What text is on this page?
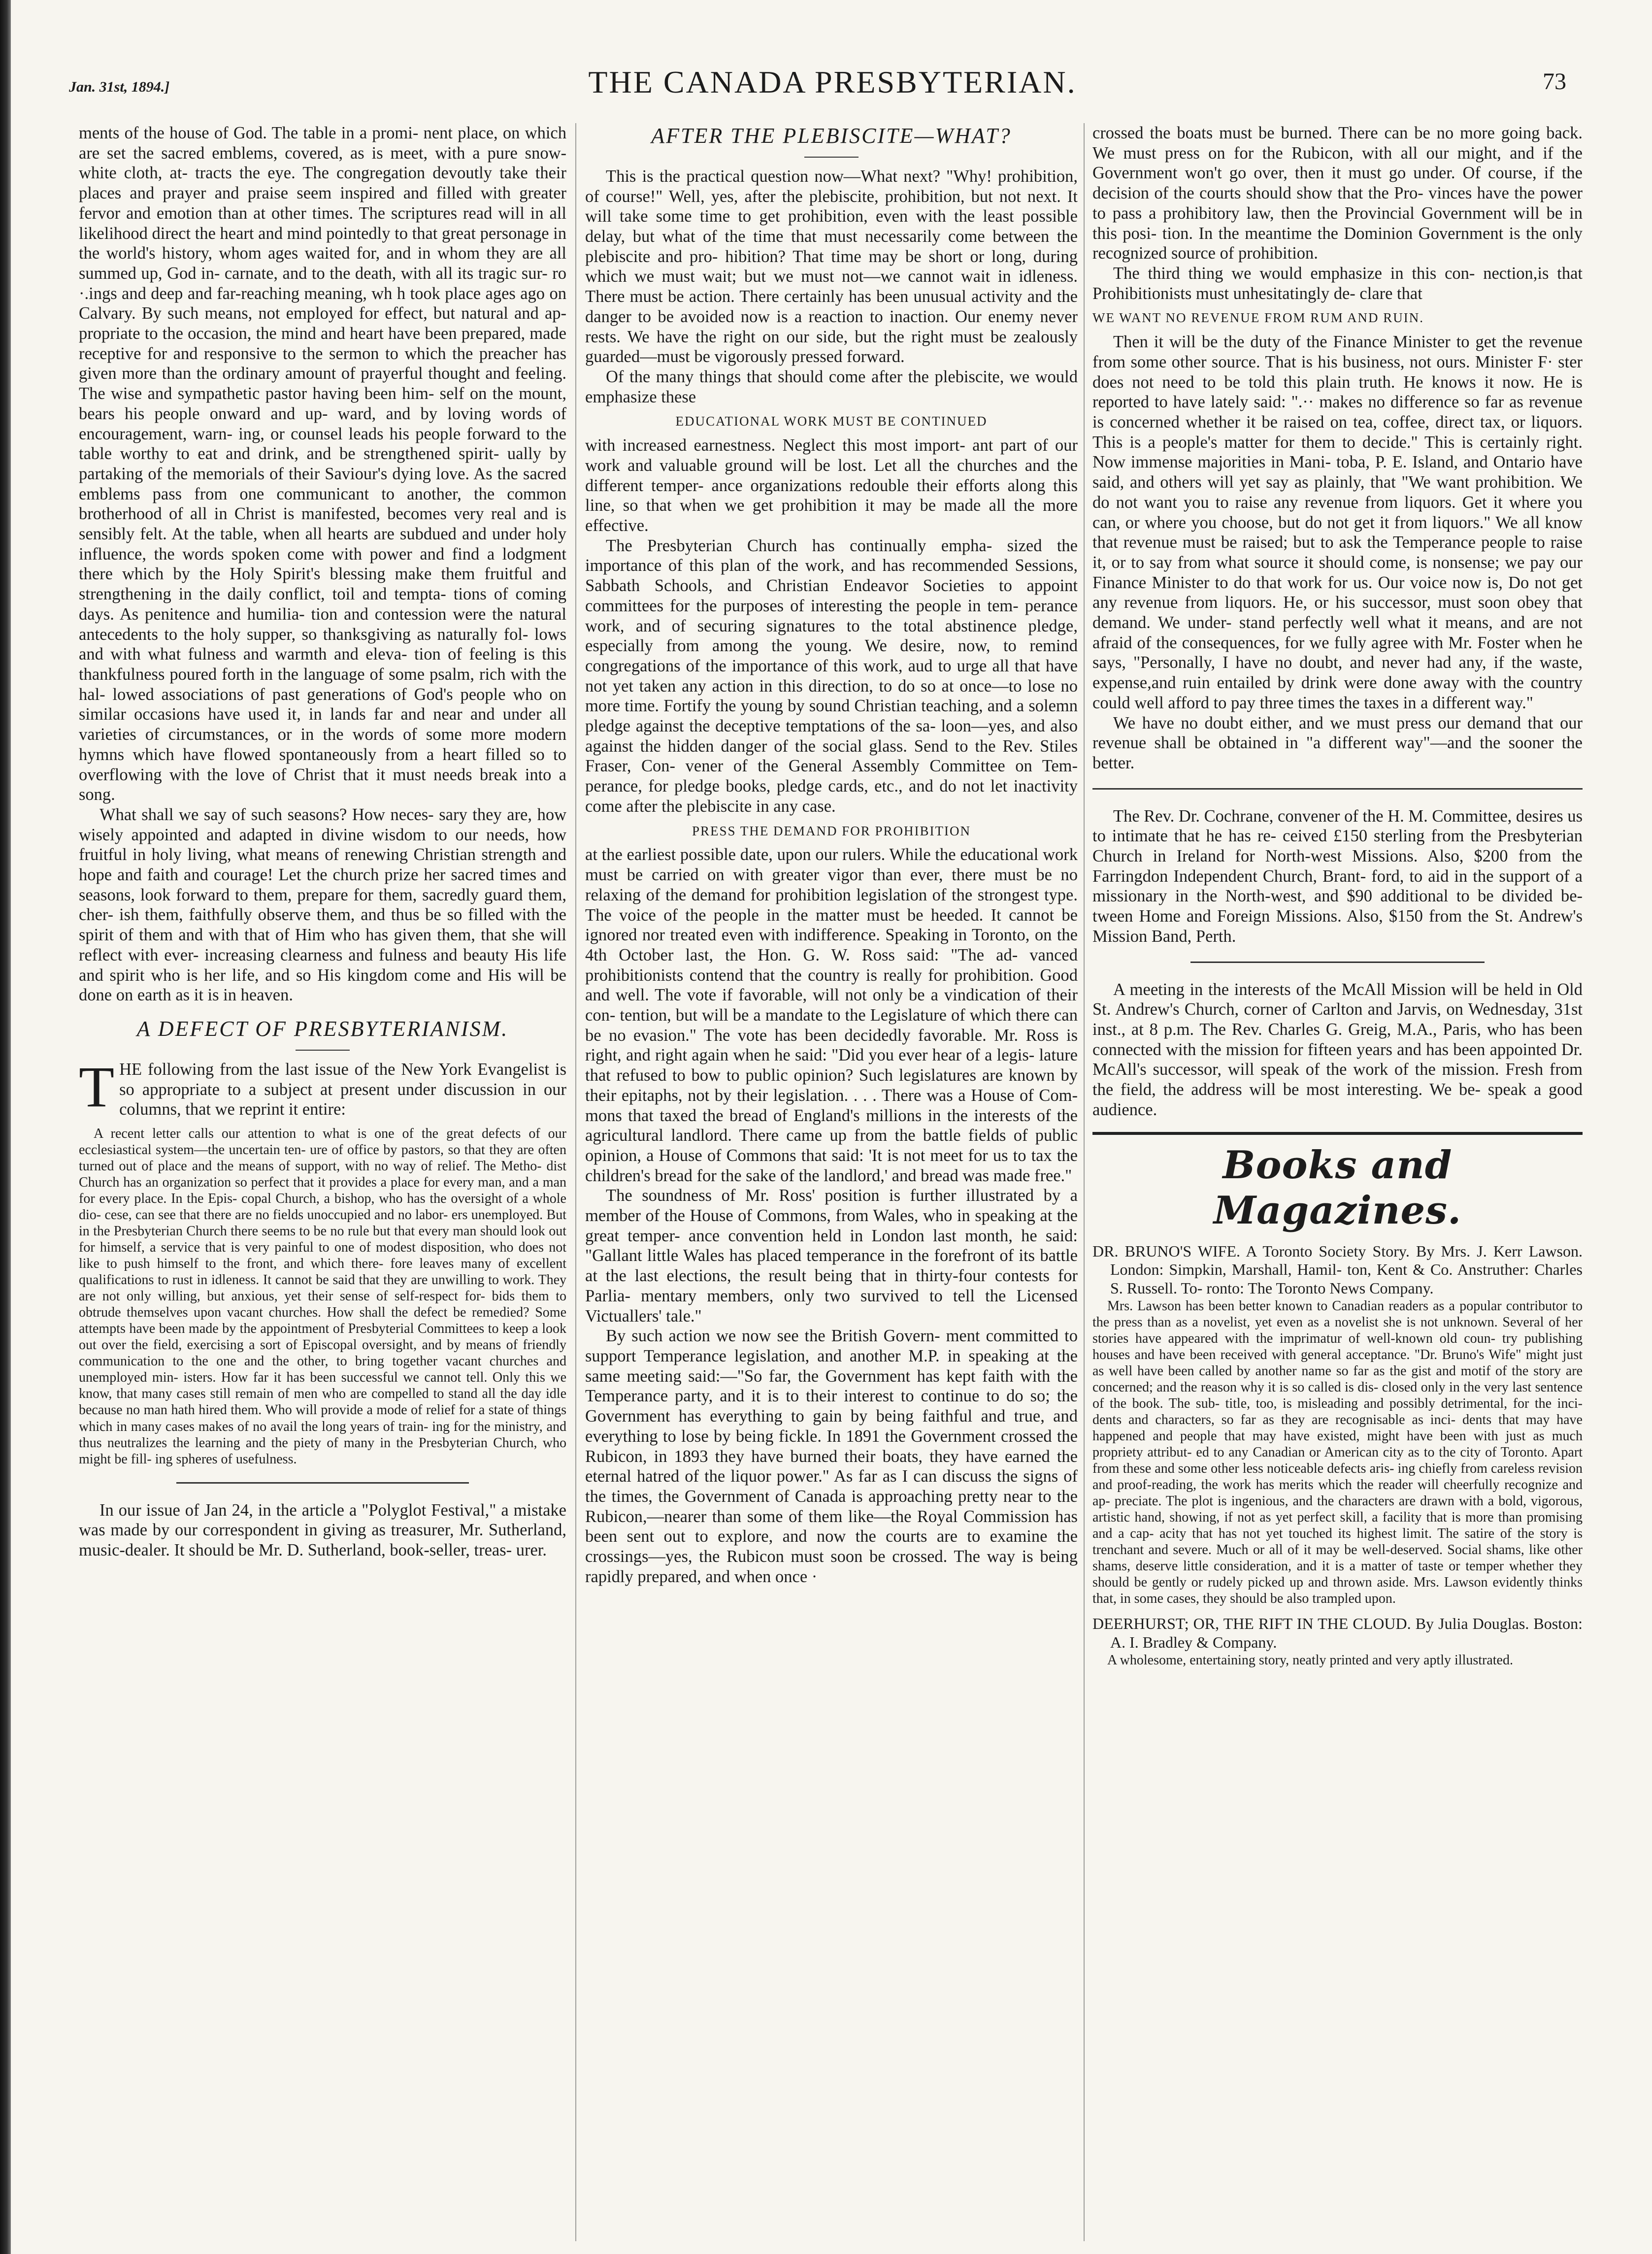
Jan. 31st, 1894.]	THE CANADA PRESBYTERIAN.	73

ments of the house of God. The table in a promi- nent place, on which are set the sacred emblems, covered, as is meet, with a pure snow-white cloth, at- tracts the eye. The congregation devoutly take their places and prayer and praise seem inspired and filled with greater fervor and emotion than at other times. The scriptures read will in all likelihood direct the heart and mind pointedly to that great personage in the world's history, whom ages waited for, and in whom they are all summed up, God in- carnate, and to the death, with all its tragic sur- ro ·.ings and deep and far-reaching meaning, wh h took place ages ago on Calvary. By such means, not employed for effect, but natural and ap- propriate to the occasion, the mind and heart have been prepared, made receptive for and responsive to the sermon to which the preacher has given more than the ordinary amount of prayerful thought and feeling. The wise and sympathetic pastor having been him- self on the mount, bears his people onward and up- ward, and by loving words of encouragement, warn- ing, or counsel leads his people forward to the table worthy to eat and drink, and be strengthened spirit- ually by partaking of the memorials of their Saviour's dying love. As the sacred emblems pass from one communicant to another, the common brotherhood of all in Christ is manifested, becomes very real and is sensibly felt. At the table, when all hearts are subdued and under holy influence, the words spoken come with power and find a lodgment there which by the Holy Spirit's blessing make them fruitful and strengthening in the daily conflict, toil and tempta- tions of coming days. As penitence and humilia- tion and contession were the natural antecedents to the holy supper, so thanksgiving as naturally fol- lows and with what fulness and warmth and eleva- tion of feeling is this thankfulness poured forth in the language of some psalm, rich with the hal- lowed associations of past generations of God's people who on similar occasions have used it, in lands far and near and under all varieties of circumstances, or in the words of some more modern hymns which have flowed spontaneously from a heart filled so to overflowing with the love of Christ that it must needs break into a song.

What shall we say of such seasons? How neces- sary they are, how wisely appointed and adapted in divine wisdom to our needs, how fruitful in holy living, what means of renewing Christian strength and hope and faith and courage! Let the church prize her sacred times and seasons, look forward to them, prepare for them, sacredly guard them, cher- ish them, faithfully observe them, and thus be so filled with the spirit of them and with that of Him who has given them, that she will reflect with ever- increasing clearness and fulness and beauty His life and spirit who is her life, and so His kingdom come and His will be done on earth as it is in heaven.

A DEFECT OF PRESBYTERIANISM.

THE following from the last issue of the New York Evangelist is so appropriate to a subject at present under discussion in our columns, that we reprint it entire:

A recent letter calls our attention to what is one of the great defects of our ecclesiastical system—the uncertain ten- ure of office by pastors, so that they are often turned out of place and the means of support, with no way of relief. The Metho- dist Church has an organization so perfect that it provides a place for every man, and a man for every place. In the Epis- copal Church, a bishop, who has the oversight of a whole dio- cese, can see that there are no fields unoccupied and no labor- ers unemployed. But in the Presbyterian Church there seems to be no rule but that every man should look out for himself, a service that is very painful to one of modest disposition, who does not like to push himself to the front, and which there- fore leaves many of excellent qualifications to rust in idleness. It cannot be said that they are unwilling to work. They are not only willing, but anxious, yet their sense of self-respect for- bids them to obtrude themselves upon vacant churches. How shall the defect be remedied? Some attempts have been made by the appointment of Presbyterial Committees to keep a look out over the field, exercising a sort of Episcopal oversight, and by means of friendly communication to the one and the other, to bring together vacant churches and unemployed min- isters. How far it has been successful we cannot tell. Only this we know, that many cases still remain of men who are compelled to stand all the day idle because no man hath hired them. Who will provide a mode of relief for a state of things which in many cases makes of no avail the long years of train- ing for the ministry, and thus neutralizes the learning and the piety of many in the Presbyterian Church, who might be fill- ing spheres of usefulness.

In our issue of Jan 24, in the article a "Polyglot Festival," a mistake was made by our correspondent in giving as treasurer, Mr. Sutherland, music-dealer. It should be Mr. D. Sutherland, book-seller, treas- urer.

AFTER THE PLEBISCITE—WHAT?

This is the practical question now—What next? "Why! prohibition, of course!" Well, yes, after the plebiscite, prohibition, but not next. It will take some time to get prohibition, even with the least possible delay, but what of the time that must necessarily come between the plebiscite and pro- hibition? That time may be short or long, during which we must wait; but we must not—we cannot wait in idleness. There must be action. There certainly has been unusual activity and the danger to be avoided now is a reaction to inaction. Our enemy never rests. We have the right on our side, but the right must be zealously guarded—must be vigorously pressed forward.

Of the many things that should come after the plebiscite, we would emphasize these

EDUCATIONAL WORK MUST BE CONTINUED

with increased earnestness. Neglect this most import- ant part of our work and valuable ground will be lost. Let all the churches and the different temper- ance organizations redouble their efforts along this line, so that when we get prohibition it may be made all the more effective.

The Presbyterian Church has continually empha- sized the importance of this plan of the work, and has recommended Sessions, Sabbath Schools, and Christian Endeavor Societies to appoint committees for the purposes of interesting the people in tem- perance work, and of securing signatures to the total abstinence pledge, especially from among the young. We desire, now, to remind congregations of the importance of this work, aud to urge all that have not yet taken any action in this direction, to do so at once—to lose no more time. Fortify the young by sound Christian teaching, and a solemn pledge against the deceptive temptations of the sa- loon—yes, and also against the hidden danger of the social glass. Send to the Rev. Stiles Fraser, Con- vener of the General Assembly Committee on Tem- perance, for pledge books, pledge cards, etc., and do not let inactivity come after the plebiscite in any case.

PRESS THE DEMAND FOR PROHIBITION

at the earliest possible date, upon our rulers. While the educational work must be carried on with greater vigor than ever, there must be no relaxing of the demand for prohibition legislation of the strongest type. The voice of the people in the matter must be heeded. It cannot be ignored nor treated even with indifference. Speaking in Toronto, on the 4th October last, the Hon. G. W. Ross said: "The ad- vanced prohibitionists contend that the country is really for prohibition. Good and well. The vote if favorable, will not only be a vindication of their con- tention, but will be a mandate to the Legislature of which there can be no evasion." The vote has been decidedly favorable. Mr. Ross is right, and right again when he said: "Did you ever hear of a legis- lature that refused to bow to public opinion? Such legislatures are known by their epitaphs, not by their legislation. . . . There was a House of Com- mons that taxed the bread of England's millions in the interests of the agricultural landlord. There came up from the battle fields of public opinion, a House of Commons that said: 'It is not meet for us to tax the children's bread for the sake of the landlord,' and bread was made free."

The soundness of Mr. Ross' position is further illustrated by a member of the House of Commons, from Wales, who in speaking at the great temper- ance convention held in London last month, he said: "Gallant little Wales has placed temperance in the forefront of its battle at the last elections, the result being that in thirty-four contests for Parlia- mentary members, only two survived to tell the Licensed Victuallers' tale."

By such action we now see the British Govern- ment committed to support Temperance legislation, and another M.P. in speaking at the same meeting said:—"So far, the Government has kept faith with the Temperance party, and it is to their interest to continue to do so; the Government has everything to gain by being faithful and true, and everything to lose by being fickle. In 1891 the Government crossed the Rubicon, in 1893 they have burned their boats, they have earned the eternal hatred of the liquor power." As far as I can discuss the signs of the times, the Government of Canada is approaching pretty near to the Rubicon,—nearer than some of them like—the Royal Commission has been sent out to explore, and now the courts are to examine the crossings—yes, the Rubicon must soon be crossed. The way is being rapidly prepared, and when once ·

crossed the boats must be burned. There can be no more going back. We must press on for the Rubicon, with all our might, and if the Government won't go over, then it must go under. Of course, if the decision of the courts should show that the Pro- vinces have the power to pass a prohibitory law, then the Provincial Government will be in this posi- tion. In the meantime the Dominion Government is the only recognized source of prohibition.

The third thing we would emphasize in this con- nection,is that Prohibitionists must unhesitatingly de- clare that

WE WANT NO REVENUE FROM RUM AND RUIN.

Then it will be the duty of the Finance Minister to get the revenue from some other source. That is his business, not ours. Minister F· ster does not need to be told this plain truth. He knows it now. He is reported to have lately said: ".·· makes no difference so far as revenue is concerned whether it be raised on tea, coffee, direct tax, or liquors. This is a people's matter for them to decide." This is certainly right. Now immense majorities in Mani- toba, P. E. Island, and Ontario have said, and others will yet say as plainly, that "We want prohibition. We do not want you to raise any revenue from liquors. Get it where you can, or where you choose, but do not get it from liquors." We all know that revenue must be raised; but to ask the Temperance people to raise it, or to say from what source it should come, is nonsense; we pay our Finance Minister to do that work for us. Our voice now is, Do not get any revenue from liquors. He, or his successor, must soon obey that demand. We under- stand perfectly well what it means, and are not afraid of the consequences, for we fully agree with Mr. Foster when he says, "Personally, I have no doubt, and never had any, if the waste, expense,and ruin entailed by drink were done away with the country could well afford to pay three times the taxes in a different way."

We have no doubt either, and we must press our demand that our revenue shall be obtained in "a different way"—and the sooner the better.

The Rev. Dr. Cochrane, convener of the H. M. Committee, desires us to intimate that he has re- ceived £150 sterling from the Presbyterian Church in Ireland for North-west Missions. Also, $200 from the Farringdon Independent Church, Brant- ford, to aid in the support of a missionary in the North-west, and $90 additional to be divided be- tween Home and Foreign Missions. Also, $150 from the St. Andrew's Mission Band, Perth.

A meeting in the interests of the McAll Mission will be held in Old St. Andrew's Church, corner of Carlton and Jarvis, on Wednesday, 31st inst., at 8 p.m. The Rev. Charles G. Greig, M.A., Paris, who has been connected with the mission for fifteen years and has been appointed Dr. McAll's successor, will speak of the work of the mission. Fresh from the field, the address will be most interesting. We be- speak a good audience.

Books and Magazines.

DR. BRUNO'S WIFE. A Toronto Society Story. By Mrs. J. Kerr Lawson. London: Simpkin, Marshall, Hamil- ton, Kent & Co. Anstruther: Charles S. Russell. To- ronto: The Toronto News Company.

Mrs. Lawson has been better known to Canadian readers as a popular contributor to the press than as a novelist, yet even as a novelist she is not unknown. Several of her stories have appeared with the imprimatur of well-known old coun- try publishing houses and have been received with general acceptance. "Dr. Bruno's Wife" might just as well have been called by another name so far as the gist and motif of the story are concerned; and the reason why it is so called is dis- closed only in the very last sentence of the book. The sub- title, too, is misleading and possibly detrimental, for the inci- dents and characters, so far as they are recognisable as inci- dents that may have happened and people that may have existed, might have been with just as much propriety attribut- ed to any Canadian or American city as to the city of Toronto. Apart from these and some other less noticeable defects aris- ing chiefly from careless revision and proof-reading, the work has merits which the reader will cheerfully recognize and ap- preciate. The plot is ingenious, and the characters are drawn with a bold, vigorous, artistic hand, showing, if not as yet perfect skill, a facility that is more than promising and a cap- acity that has not yet touched its highest limit. The satire of the story is trenchant and severe. Much or all of it may be well-deserved. Social shams, like other shams, deserve little consideration, and it is a matter of taste or temper whether they should be gently or rudely picked up and thrown aside. Mrs. Lawson evidently thinks that, in some cases, they should be also trampled upon.

DEERHURST; OR, THE RIFT IN THE CLOUD. By Julia Douglas. Boston: A. I. Bradley & Company.

A wholesome, entertaining story, neatly printed and very aptly illustrated.
